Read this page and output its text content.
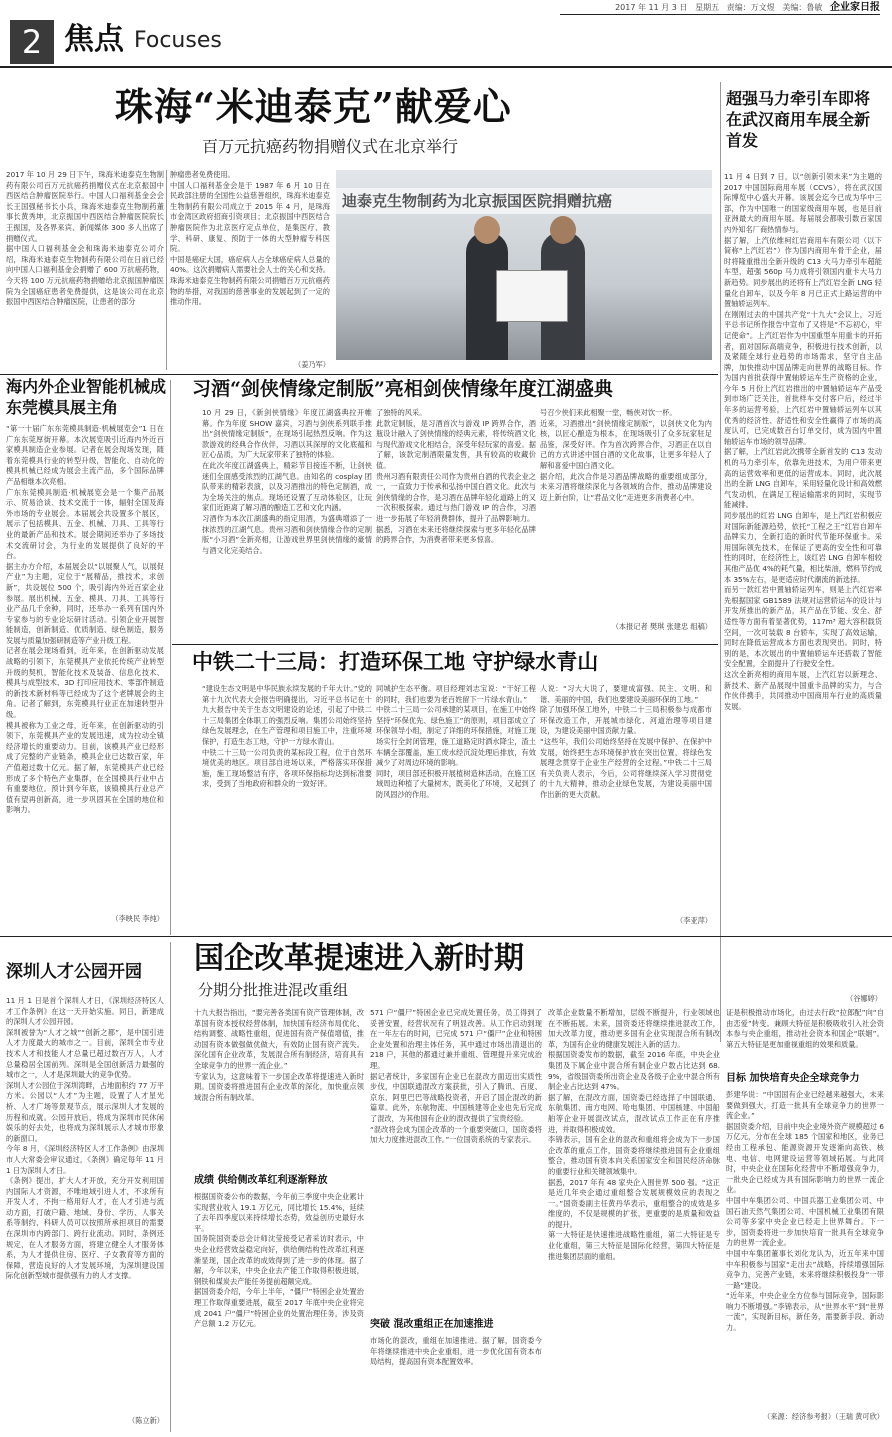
2 焦点 Focuses
2017 年 11 月 3 日 星期五 责编：万文煜 美编：鲁敏 企业家日报
珠海“米迪泰克”献爱心
百万元抗癌药物捐赠仪式在北京举行
2017 年 10 月 29 日下午，珠海米迪泰克生物制药有限公司百万元抗癌药捐赠仪式在北京振国中西医结合肿瘤医院举行。中国人口福利基金会会长王国强秘书长小兵，珠海米迪泰克生物制药董事长黄秀坤，北京振国中西医结合肿瘤医院院长王振国，及各界来宾、新闻媒体 300 多人出席了捐赠仪式。
据中国人口福利基金会和珠海米迪泰克公司介绍，珠海米迪泰克生物制药有限公司在日前已经向中国人口福利基金会捐赠了 600 万抗癌药物，今天将 100 万元抗癌药物捐赠给北京振国肿瘤医院为全国癌症患者免费提供，这是该公司在北京振国中西医结合肿瘤医院，让患者的部分
肿瘤患者免费使用。
中国人口福利基金会是于 1987 年 6 月 10 日在民政部注册的全国性公益慈善组织，珠海米迪泰克生物制药有限公司成立于 2015 年 4 月，是珠海市金湾区政府招商引资项目；北京振国中西医结合肿瘤医院作为北京医疗定点单位，是集医疗、教学、科研、康复、预防于一体的大型肿瘤专科医院。
中国是癌症大国，癌症病人占全球癌症病人总量的 40%。这次捐赠病人需要社会人士的关心和支持。珠海米迪泰克生物制药有限公司捐赠百万元抗癌药物的举措，对我国的慈善事业的发展起到了一定的推动作用。
（姜乃军）
迪泰克生物制药为北京振国医院捐赠抗癌
超强马力牵引车即将在武汉商用车展全新首发
11 月 4 日到 7 日，以“创新引领未来”为主题的 2017 中国国际商用车展（CCVS），将在武汉国际博览中心盛大开幕。该展会迄今已成为华中三部，作为中国唯一的国家级商用车展，也是目前亚洲最大的商用车展。每届展会都吸引数百家国内外知名厂商热情参与。
据了解，上汽依维柯红岩商用车有限公司（以下简称“上汽红岩”）作为国内商用车骨干企业，届时将隆重推出全新升级的 C13 大马力牵引车超能车型，超强 560p 马力成将引领国内重卡大马力新趋势。同步展出的还将有上汽红岩全新 LNG 轻量化自卸车，以及今年 8 月已正式上路运营的中置轴轿运列车。
在刚刚过去的中国共产党“十九大”会议上，习近平总书记所作报告中宣布了又将是“不忘初心，牢记使命”。上汽红岩作为中国重型车用重卡的开拓者，面对国际高端竞争，积极进行技术创新，以及紧随全球行业趋势的市场需求，坚守自主品牌，加快推动中国品牌走向世界的战略目标。作为国内首批获得中置轴轿运车生产资格的企业，今年 5 月份上汽红岩推出的中置轴轿运车产品受到市场广泛关注，首批样车交付客户后，经过半年多的运营考验，上汽红岩中置轴轿运列车以其优秀的经济性、舒适性和安全性赢得了市场的高度认可，已完成数百台订单交付，成为国内中置轴轿运车市场的领导品牌。
据了解，上汽红岩此次携带全新首发的 C13 发动机的马力牵引车，依靠先进技术，为用户带来更高的运营效率和更低的运营成本。同时，此次展出的全新 LNG 自卸车，采用轻量化设计和高效燃气发动机，在满足工程运输需求的同时，实现节能减排。
同步展出的红岩 LNG 自卸车，是上汽红岩积极应对国际新能源趋势，依托“工程之王”红岩自卸车品牌实力，全新打造的新时代节能环保重卡。采用国际领先技术，在保证了更高的安全性和可靠性的同时，在经济性上，该红岩 LNG 自卸车相较其他产品优 4%的耗气量，相比柴油，燃料节约成本 35%左右，是更适应时代潮流的新选择。
而另一款红岩中置轴轿运列车，则是上汽红岩率先根据国家 GB1589 法规对运营轿运车的设计与开发所推出的新产品，其产品在节能、安全、舒适性等方面有着显著优势，117m³ 超大容积载货空间，一次可装载 8 台轿车，实现了高效运输，同时在降低运营成本方面也表现突出。同时，特别的是，本次展出的中置轴轿运车还搭载了智能安全配置，全面提升了行驶安全性。
这次全新亮相的商用车展，上汽红岩以新理念、新技术、新产品展现中国重卡品牌的实力，与合作伙伴携手，共同推动中国商用车行业的高质量发展。
（谷娜婷）
海内外企业智能机械成东莞模具展主角
“第一十届广东东莞模具制造·机械展览会”1 日在广东东莞厚街开幕。本次展览吸引近海内外近百家模具制造企业参展。记者在展会现场发现，随着东莞模具行业的转型升级，智能化、自动化的模具机械已经成为展会主流产品，多个国际品牌产品相继本次亮相。
广东东莞模具制造·机械展览会是一个集产品展示、贸易洽谈、技术交流于一体，辐射全国及海外市场的专业展会。本届展会共设置多个展区，展示了包括模具、五金、机械、刀具、工具等行业的最新产品和技术。展会期间还举办了多场技术交流研讨会，为行业的发展提供了良好的平台。
据主办方介绍，本届展会以“以展聚人气，以展促产业”为主题，定位于“展精品，推技术，求创新”，共设展位 500 个，吸引海内外近百家企业参展。展出机械、五金、模具、刀具、工具等行业产品几千余种，同时，还举办一系列有国内外专家参与的专业论坛研讨活动。引领企业开展智能制造，创新制造、优质制造、绿色制造，服务发展与质量加强研制造等产业升级工程。
记者在展会现场看到，近年来，在创新驱动发展战略的引领下，东莞模具产业依托传统产业转型升级的契机，智能化技术及装备、信息化技术、模具与成型技术、3D 打印应用技术、零部件制造的新技术新材料等已经成为了这个老牌展会的主角。记者了解到，东莞模具行业正在加速转型升级。
模具被称为工业之母，近年来，在创新驱动的引领下，东莞模具产业的发展迅速，成为拉动全镇经济增长的重要动力。目前，该模具产业已经形成了完整的产业链条，模具企业已达数百家，年产值超过数十亿元。据了解，东莞模具产业已经形成了多个特色产业集群，在全国模具行业中占有重要地位。预计到今年底，该镇模具行业总产值有望再创新高，进一步巩固其在全国的地位和影响力。
（李映民 李纯）
习酒“剑侠情缘定制版”亮相剑侠情缘年度江湖盛典
10 月 29 日，《新剑侠情缘》年度江湖盛典拉开帷幕。作为年度 SHOW 嘉宾，习酒与剑侠系列联手推出“剑侠情缘定制版”，在现场引起热烈反响。作为这款游戏的经典合作伙伴，习酒以其深厚的文化底蕴和匠心品质，为广大玩家带来了独特的体验。
在此次年度江湖盛典上，精彩节目接连不断，让剑侠迷们全面感受浓烈的江湖气息。由知名的 cosplay 团队带来的精彩表演，以及习酒推出的特色定制酒，成为全场关注的焦点。现场还设置了互动体验区，让玩家们近距离了解习酒的酿造工艺和文化内涵。
习酒作为本次江湖盛典的指定用酒，为盛典增添了一抹浓烈的江湖气息。贵州习酒和剑侠情缘合作的定制版“小习酒”全新亮相，让游戏世界里剑侠情缘的豪情与酒文化完美结合。
了独特的风采。
此款定制版，是习酒首次与游戏 IP 跨界合作，酒瓶设计融入了剑侠情缘的经典元素，将传统酒文化与现代游戏文化相结合，深受年轻玩家的喜爱。据了解，该款定制酒限量发售，具有较高的收藏价值。
贵州习酒有限责任公司作为贵州白酒的代表企业之一，一直致力于传承和弘扬中国白酒文化。此次与剑侠情缘的合作，是习酒在品牌年轻化道路上的又一次积极探索。通过与热门游戏 IP 的合作，习酒进一步拓展了年轻消费群体，提升了品牌影响力。
据悉，习酒在未来还将继续探索与更多年轻化品牌的跨界合作，为消费者带来更多惊喜。
号召少侠们来此相聚一堂，畅侠对饮一杯。
近来，习酒推出“剑侠情缘定制版”，以剑侠文化为内核，以匠心酿造为根本，在现场吸引了众多玩家驻足品鉴，深受好评。作为首次跨界合作，习酒正在以自己的方式讲述中国白酒的文化故事，让更多年轻人了解和喜爱中国白酒文化。
据介绍，此次合作是习酒品牌战略的重要组成部分，未来习酒将继续深化与各领域的合作，推动品牌建设迈上新台阶，让“君品文化”走进更多消费者心中。
（本报记者 樊琪 张建忠 组稿）
中铁二十三局：打造环保工地 守护绿水青山
“建设生态文明是中华民族永续发展的千年大计。”党的第十九次代表大会报告明确提出，习近平总书记在十九大报告中关于生态文明建设的论述，引起了中铁二十三局集团全体职工的强烈反响。集团公司始终坚持绿色发展理念，在生产管理和项目施工中，注重环境保护，打造生态工地，守护一方绿水青山。
中铁二十三局一公司负责的某标段工程，位于自然环境优美的地区。项目部自进场以来，严格落实环保措施，施工现场整洁有序，各项环保指标均达到标准要求，受到了当地政府和群众的一致好评。
同城护生态平衡。项目经理刘志宝说：“干好工程的同时，我们也要为老百姓留下一片绿水青山。”
中铁二十三局一公司承建的某项目，在施工中始终坚持“环保优先、绿色施工”的原则，项目部成立了环保领导小组，制定了详细的环保措施，对施工现场实行全封闭管理，施工道路定时洒水降尘，渣土车辆全部覆盖，施工废水经沉淀处理后排放，有效减少了对周边环境的影响。
同时，项目部还积极开展植树造林活动，在施工区域周边种植了大量树木，既美化了环境，又起到了防风固沙的作用。
人说：“习大大说了，要建成富强、民主、文明、和谐、美丽的中国，我们也要建设美丽环保的工地。”
除了加强环保工地外，中铁二十三局积极参与成都市环保改造工作，开展城市绿化、河道治理等项目建设，为建设美丽中国贡献力量。
“这些年，我们公司始终坚持在发展中保护、在保护中发展，始终把生态环境保护放在突出位置，将绿色发展理念贯穿于企业生产经营的全过程。”中铁二十三局有关负责人表示，今后，公司将继续深入学习贯彻党的十九大精神，推动企业绿色发展，为建设美丽中国作出新的更大贡献。
（李亚萍）
深圳人才公园开园
11 月 1 日是首个深圳人才日，《深圳经济特区人才工作条例》在这一天开始实施。同日，新建成的深圳人才公园开园。
深圳被誉为“人才之城”“创新之都”，是中国引进人才力度最大的城市之一。目前，深圳全市专业技术人才和技能人才总量已超过数百万人，人才总量稳居全国前列。深圳是全国创新活力最强的城市之一，人才是深圳最大的竞争优势。
深圳人才公园位于深圳湾畔，占地面积约 77 万平方米。公园以“人才”为主题，设置了人才星光桥、人才广场等景观节点，展示深圳人才发展的历程和成就。公园开放后，将成为深圳市民休闲娱乐的好去处，也将成为深圳展示人才城市形象的新窗口。
今年 8 月，《深圳经济特区人才工作条例》由深圳市人大常委会审议通过，《条例》确定每年 11 月 1 日为深圳人才日。
《条例》提出，扩大人才开放，充分开发利用国内国际人才资源，不唯地域引进人才，不求所有开发人才，不拘一格用好人才，在人才引进与流动方面，打破户籍、地域、身份、学历、人事关系等制约，科研人员可以按照所承担项目的需要在深圳市内跨部门、跨行业流动。同时，条例还规定，在人才服务方面，将建立健全人才服务体系，为人才提供住房、医疗、子女教育等方面的保障，营造良好的人才发展环境，为深圳建设国际化创新型城市提供强有力的人才支撑。
（陈立新）
国企改革提速进入新时期
分期分批推进混改重组
十九大报告指出，“要完善各类国有资产管理体制，改革国有资本授权经营体制，加快国有经济布局优化、结构调整、战略性重组，促进国有资产保值增值，推动国有资本做强做优做大，有效防止国有资产流失。深化国有企业改革，发展混合所有制经济，培育具有全球竞争力的世界一流企业。”
专家认为，这意味着下一步国企改革将提速进入新时期。国资委将推进国有企业改革的深化，加快重点领域混合所有制改革。
成绩 供给侧改革红利逐渐释放
根据国资委公布的数据，今年前三季度中央企业累计实现营业收入 19.1 万亿元，同比增长 15.4%，延续了去年四季度以来持续增长态势，效益创历史最好水平。
国务院国资委总会计师沈莹接受记者采访时表示，中央企业经营效益稳定向好，供给侧结构性改革红利逐渐显现，国企改革的成效得到了进一步的体现。据了解，今年以来，中央企业去产能工作取得积极进展，钢铁和煤炭去产能任务提前超额完成。
据国资委介绍，今年上半年，“僵尸”特困企业处置治理工作取得重要进展，截至 2017 年底中央企业将完成 2041 户“僵尸”特困企业的处置治理任务，涉及资产总额 1.2 万亿元。
571 户“僵尸”特困企业已完成处置任务，员工得到了妥善安置，经营状况有了明显改善。从工作启动到现在一年左右的时间，已完成 571 户“僵尸”企业和特困企业处置和治理主体任务，其中通过市场出清退出的 218 户，其他的都通过兼并重组、管理提升来完成治理。
据记者统计，多家国有企业已在混改方面迈出实质性步伐，中国联通混改方案获批，引入了腾讯、百度、京东、阿里巴巴等战略投资者，开启了国企混改的新篇章。此外，东航物流、中国核建等企业也先后完成了混改，为其他国有企业的混改提供了宝贵经验。
“混改将会成为国企改革的一个重要突破口，国资委将加大力度推进混改工作。”一位国资系统的专家表示。
突破 混改重组正在加速推进
市场化的混改，重组在加速推进。据了解，国资委今年将继续推进中央企业重组，进一步优化国有资本布局结构，提高国有资本配置效率。
改革企业数量不断增加，层级不断提升，行业领域也在不断拓展。未来，国资委还将继续推进混改工作，加大改革力度，推动更多国有企业实现混合所有制改革，为国有企业的健康发展注入新的活力。
根据国资委发布的数据，截至 2016 年底，中央企业集团及下属企业中混合所有制企业户数占比达到 68.9%，省级国资委所出资企业及各级子企业中混合所有制企业占比达到 47%。
据了解，在混改方面，国资委已经选择了中国联通、东航集团、南方电网、哈电集团、中国核建、中国船舶等企业开展混改试点，混改试点工作正在有序推进，并取得积极成效。
李锦表示，国有企业的混改和重组将会成为下一步国企改革的重点工作，国资委将继续推进国有企业重组整合，推动国有资本向关系国家安全和国民经济命脉的重要行业和关键领域集中。
据悉，2017 年有 48 家央企入围世界 500 强。“这正是近几年央企通过重组整合发展规模效应的表现之一。”国资委副主任黄丹华表示，重组整合的成效是多维度的，不仅是规模的扩张，更重要的是质量和效益的提升。
第一大特征是快速推进战略性重组，第二大特征是专业化重组，第三大特征是国际化经营，第四大特征是推进集团层面的重组。
证是积极推动市场化，由过去行政“拉郎配”向“自由恋爱”转变。兼顾大特征是积极吸收引入社会资本参与央企重组，推动社会资本和国企“联姻”。第五大特征是更加重视重组的效果和质量。
目标 加快培育央企全球竞争力
彭建华说：“中国国有企业已经越来越强大，未来要做到强大，打造一批具有全球竞争力的世界一流企业。”
据国资委介绍，目前中央企业境外资产规模超过 6 万亿元，分布在全球 185 个国家和地区，业务已经由工程承包、能源资源开发逐渐向高铁、核电、电信、电网建设运营等领域拓展。与此同时，中央企业在国际化经营中不断增强竞争力，一批央企已经成为具有国际影响力的世界一流企业。
中国中车集团公司、中国兵器工业集团公司、中国石油天然气集团公司、中国机械工业集团有限公司等多家中央企业已经走上世界舞台。下一步，国资委将进一步加快培育一批具有全球竞争力的世界一流企业。
中国中车集团董事长刘化龙认为，近五年来中国中车积极参与国家“走出去”战略，持续增强国际竞争力，完善产业链，未来将继续积极投身“一带一路”建设。
“近年来，中央企业全方位参与国际竞争，国际影响力不断增强。”李锦表示，从“世界水平”到“世界一流”，实现新目标，新任务，需要新手段、新动力。
（来源：经济参考报）（王瑞 黄可欣）
